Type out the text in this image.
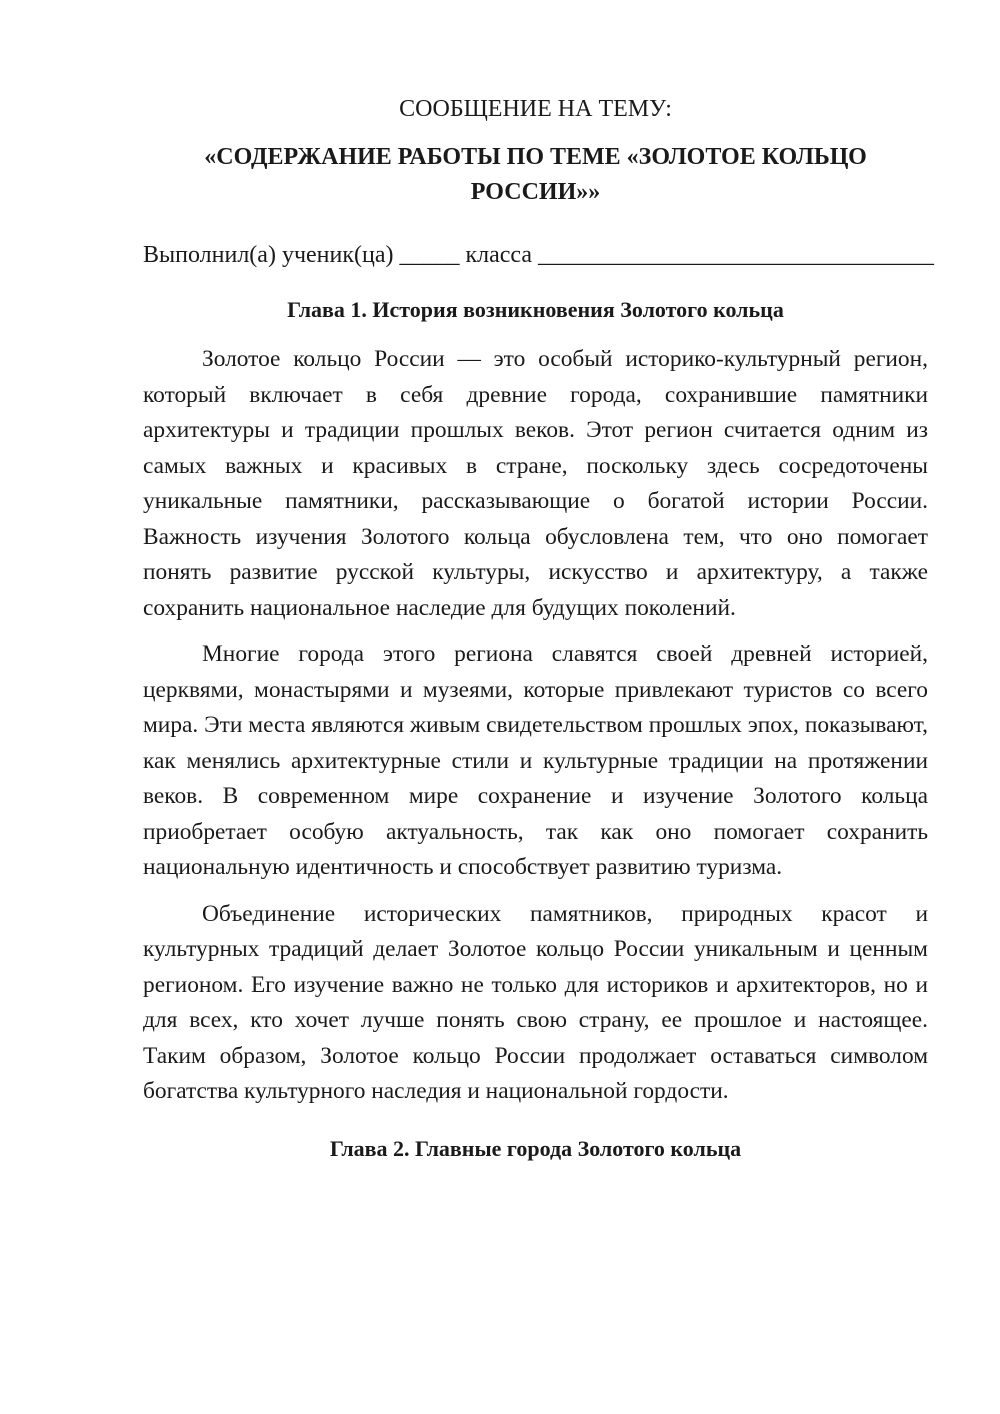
СООБЩЕНИЕ НА ТЕМУ:

«СОДЕРЖАНИЕ РАБОТЫ ПО ТЕМЕ «ЗОЛОТОЕ КОЛЬЦО РОССИИ»»

Выполнил(а) ученик(ца) _____ класса _________________________________
Глава 1. История возникновения Золотого кольца

Золотое кольцо России — это особый историко-культурный регион, который включает в себя древние города, сохранившие памятники архитектуры и традиции прошлых веков. Этот регион считается одним из самых важных и красивых в стране, поскольку здесь сосредоточены уникальные памятники, рассказывающие о богатой истории России. Важность изучения Золотого кольца обусловлена тем, что оно помогает понять развитие русской культуры, искусство и архитектуру, а также сохранить национальное наследие для будущих поколений.

Многие города этого региона славятся своей древней историей, церквями, монастырями и музеями, которые привлекают туристов со всего мира. Эти места являются живым свидетельством прошлых эпох, показывают, как менялись архитектурные стили и культурные традиции на протяжении веков. В современном мире сохранение и изучение Золотого кольца приобретает особую актуальность, так как оно помогает сохранить национальную идентичность и способствует развитию туризма.

Объединение исторических памятников, природных красот и культурных традиций делает Золотое кольцо России уникальным и ценным регионом. Его изучение важно не только для историков и архитекторов, но и для всех, кто хочет лучше понять свою страну, ее прошлое и настоящее. Таким образом, Золотое кольцо России продолжает оставаться символом богатства культурного наследия и национальной гордости.

Глава 2. Главные города Золотого кольца
